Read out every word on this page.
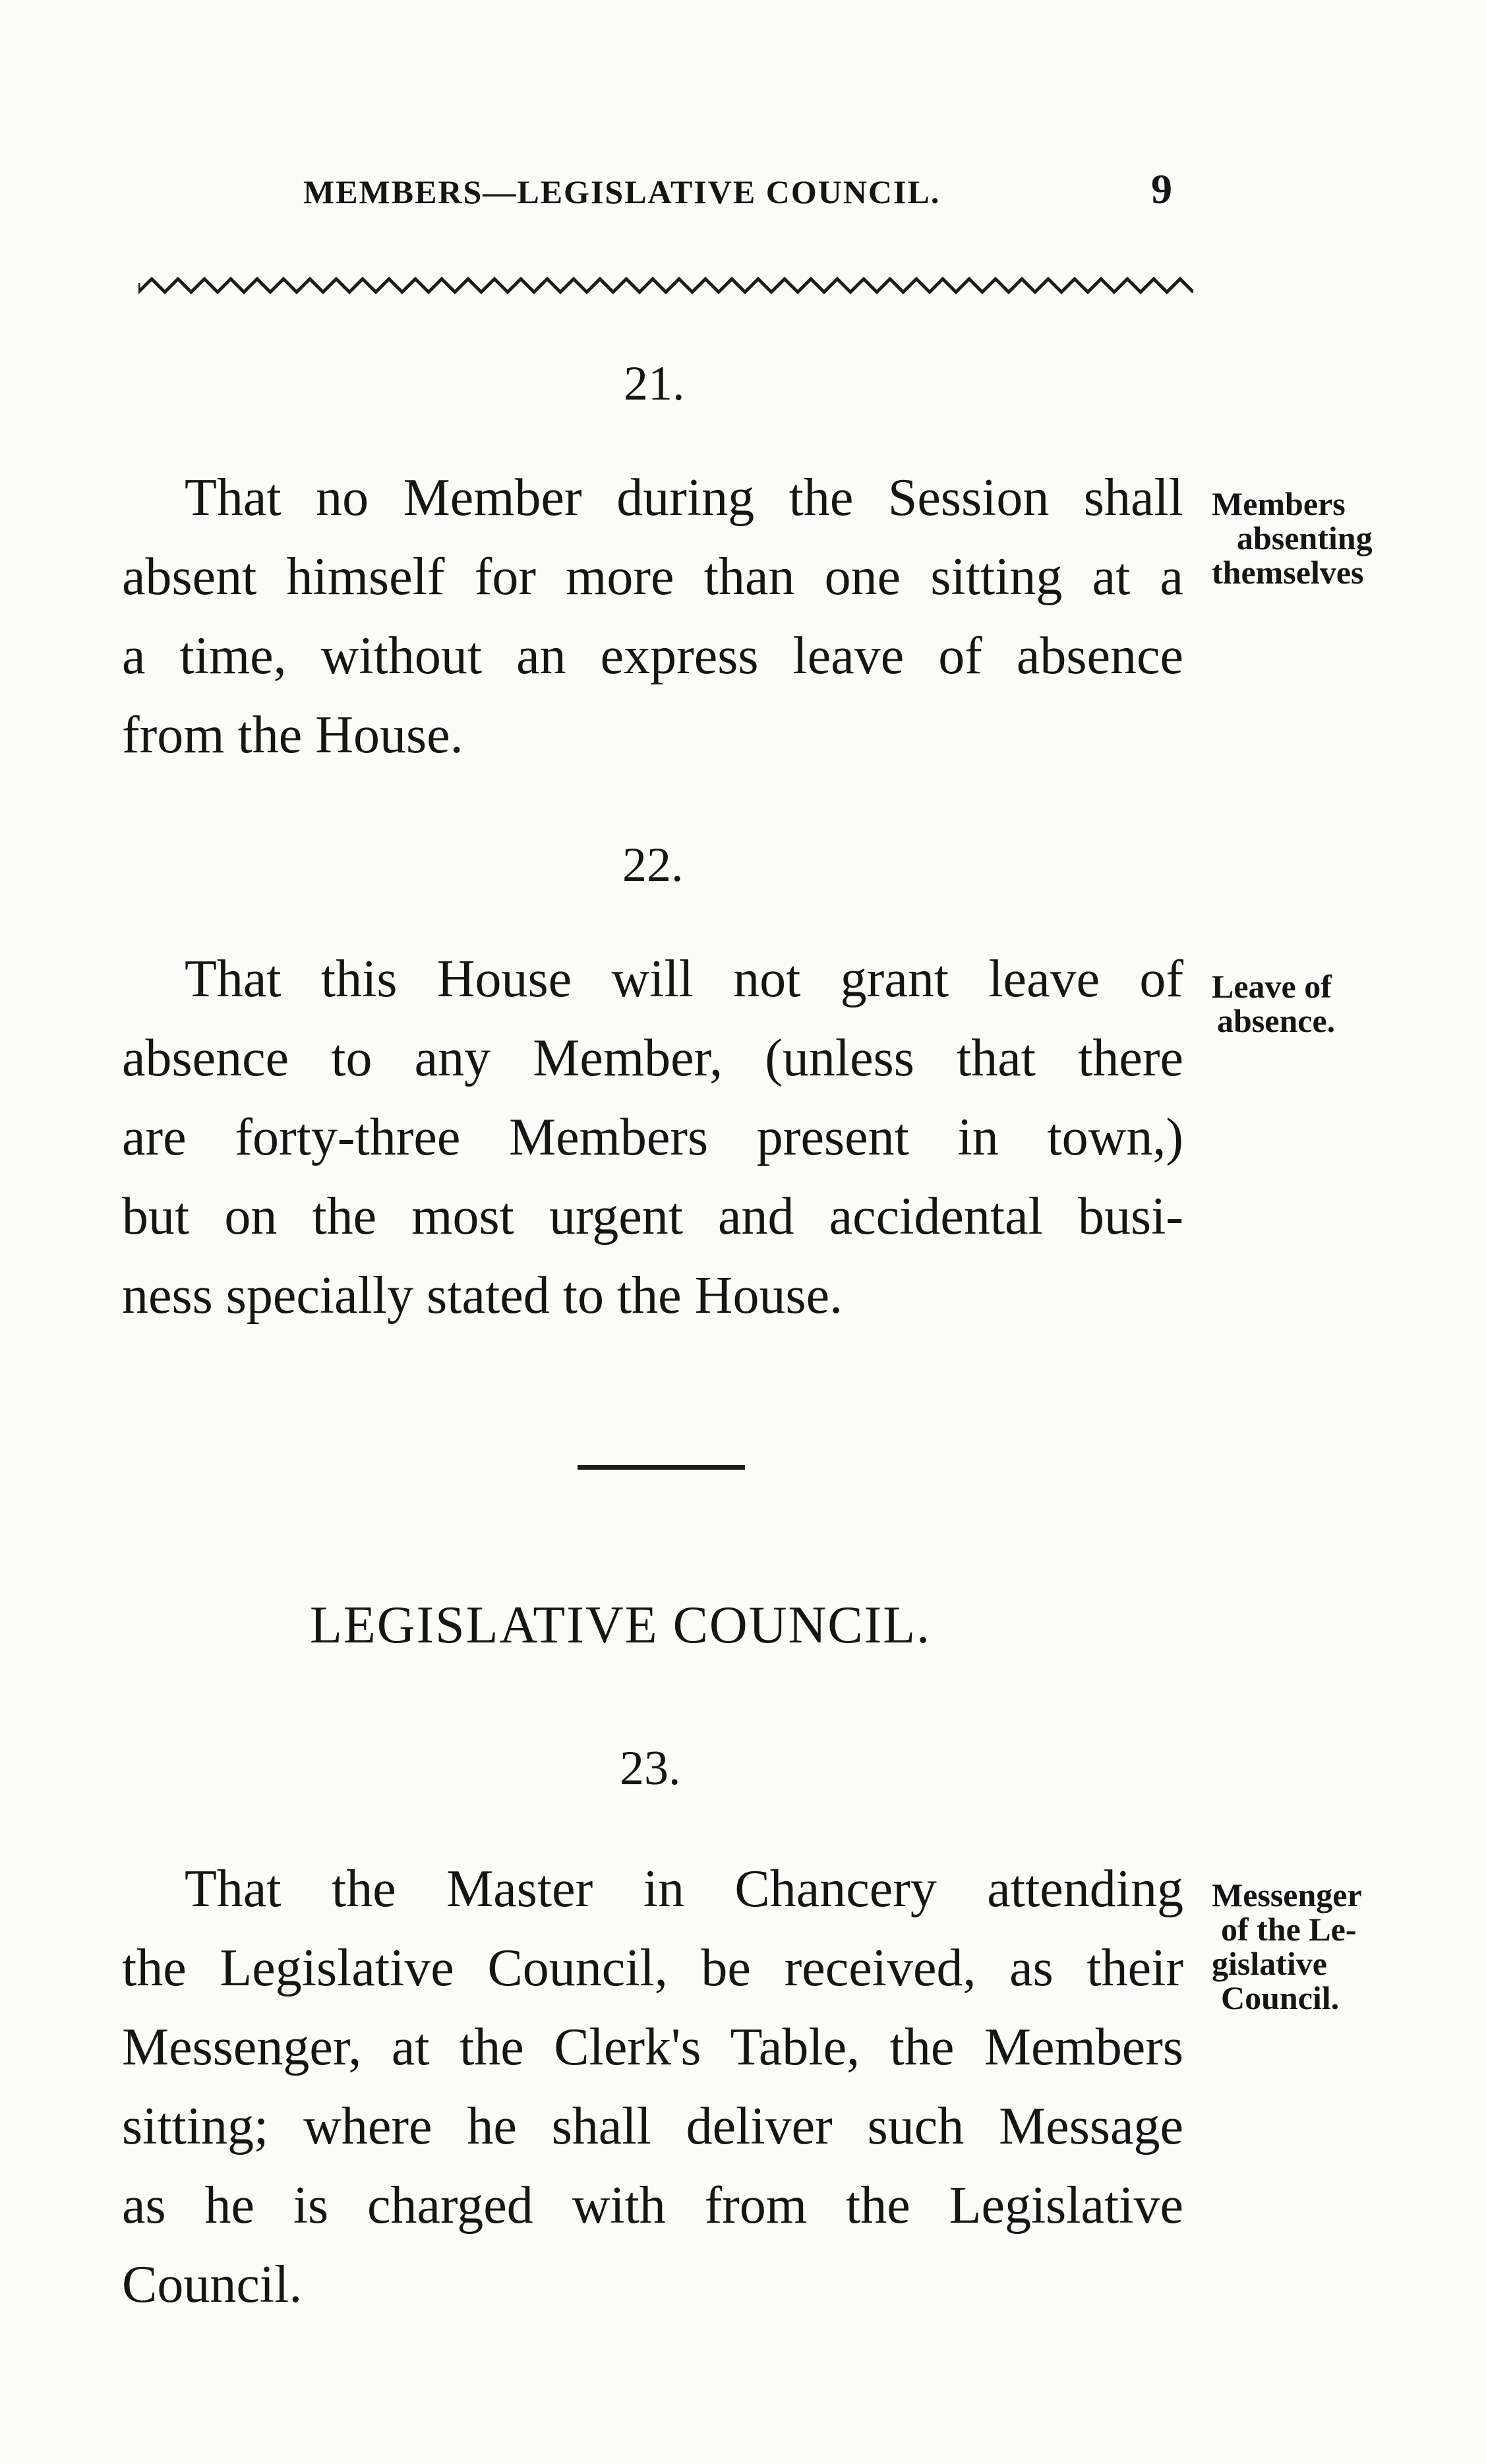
MEMBERS—LEGISLATIVE COUNCIL.	9
21.
That no Member during the Session shall
absent himself for more than one sitting at a
a time, without an express leave of absence
from the House.
Members
absenting
themselves
22.
That this House will not grant leave of
absence to any Member, (unless that there
are forty-three Members present in town,)
but on the most urgent and accidental busi-
ness specially stated to the House.
Leave of
absence.
LEGISLATIVE COUNCIL.
23.
That the Master in Chancery attending
the Legislative Council, be received, as their
Messenger, at the Clerk's Table, the Members
sitting; where he shall deliver such Message
as he is charged with from the Legislative
Council.
Messenger
of the Le-
gislative
Council.
